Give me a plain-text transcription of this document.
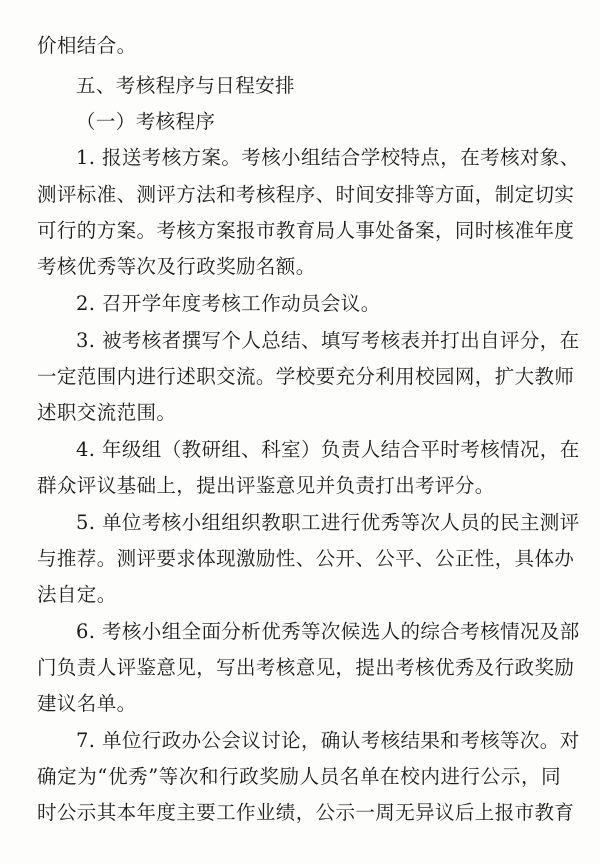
价相结合。
五、考核程序与日程安排
（一）考核程序
1. 报送考核方案。考核小组结合学校特点，在考核对象、
测评标准、测评方法和考核程序、时间安排等方面，制定切实
可行的方案。考核方案报市教育局人事处备案，同时核准年度
考核优秀等次及行政奖励名额。
2. 召开学年度考核工作动员会议。
3. 被考核者撰写个人总结、填写考核表并打出自评分，在
一定范围内进行述职交流。学校要充分利用校园网，扩大教师
述职交流范围。
4. 年级组（教研组、科室）负责人结合平时考核情况，在
群众评议基础上，提出评鉴意见并负责打出考评分。
5. 单位考核小组组织教职工进行优秀等次人员的民主测评
与推荐。测评要求体现激励性、公开、公平、公正性，具体办
法自定。
6. 考核小组全面分析优秀等次候选人的综合考核情况及部
门负责人评鉴意见，写出考核意见，提出考核优秀及行政奖励
建议名单。
7. 单位行政办公会议讨论，确认考核结果和考核等次。对
确定为“优秀”等次和行政奖励人员名单在校内进行公示，同
时公示其本年度主要工作业绩，公示一周无异议后上报市教育
